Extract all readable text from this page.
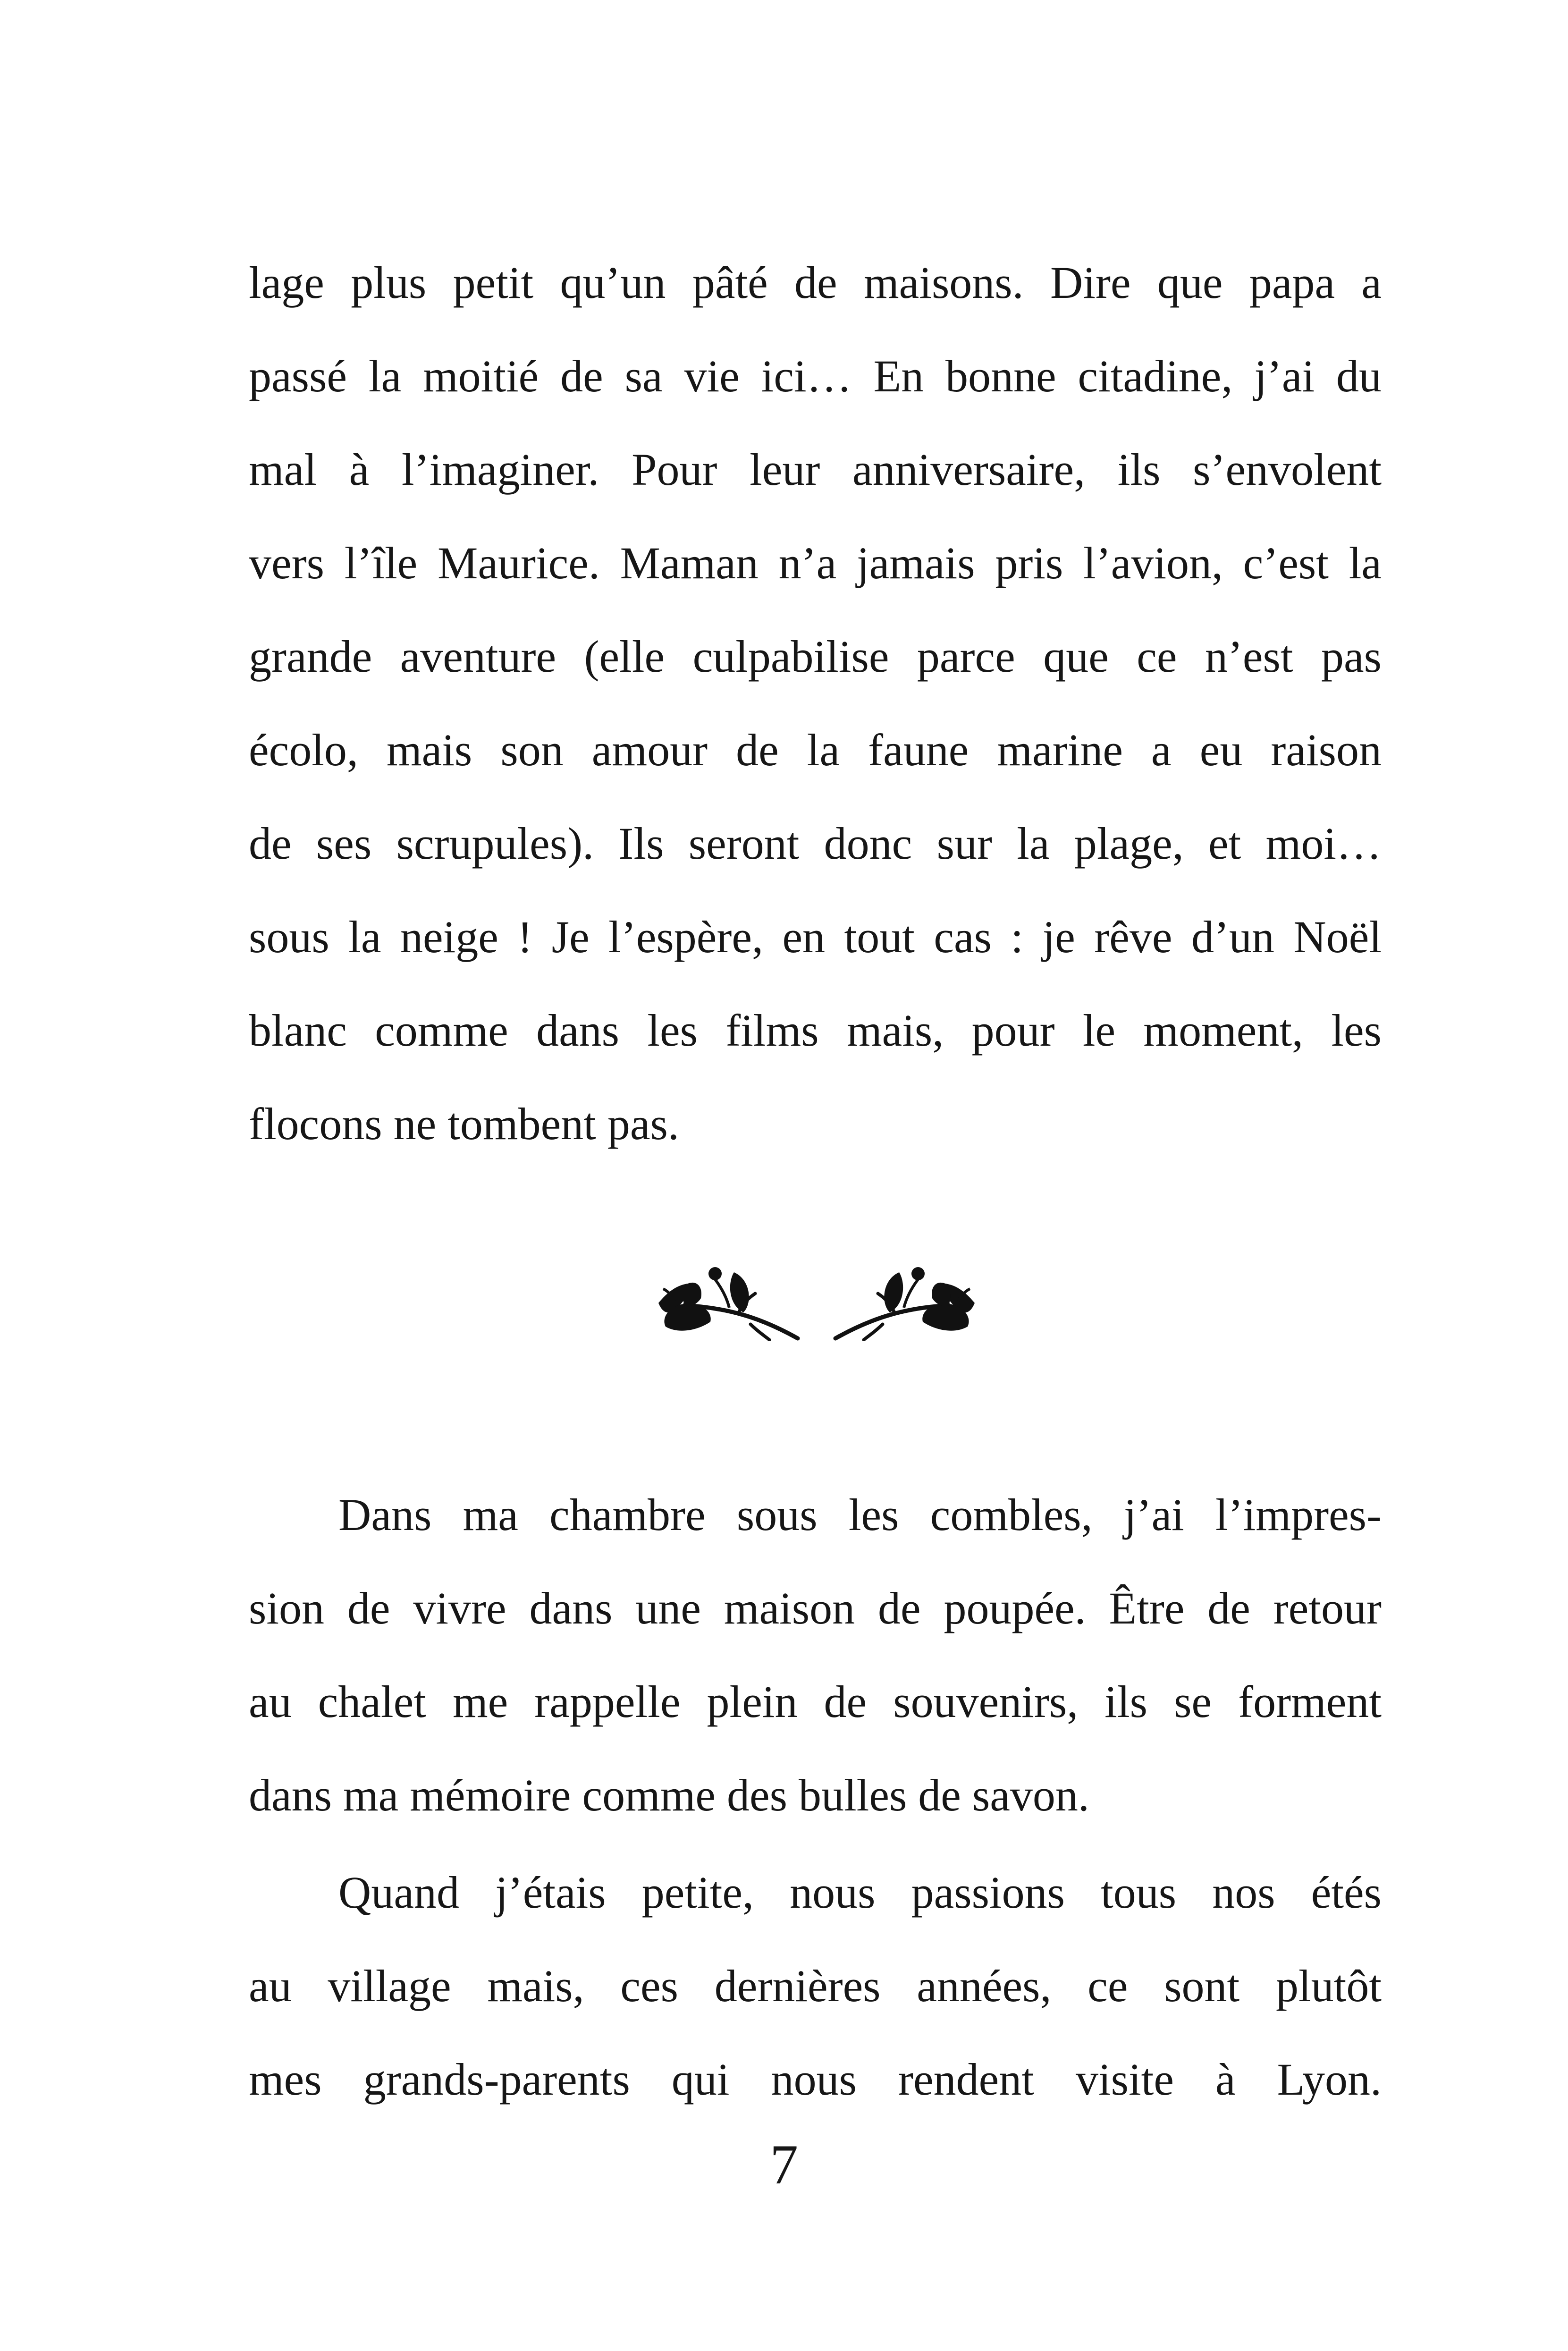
lage plus petit qu’un pâté de maisons. Dire que papa a
passé la moitié de sa vie ici… En bonne citadine, j’ai du
mal à l’imaginer. Pour leur anniversaire, ils s’envolent
vers l’île Maurice. Maman n’a jamais pris l’avion, c’est la
grande aventure (elle culpabilise parce que ce n’est pas
écolo, mais son amour de la faune marine a eu raison
de ses scrupules). Ils seront donc sur la plage, et moi…
sous la neige ! Je l’espère, en tout cas : je rêve d’un Noël
blanc comme dans les films mais, pour le moment, les
flocons ne tombent pas.
Dans ma chambre sous les combles, j’ai l’impres-
sion de vivre dans une maison de poupée. Être de retour
au chalet me rappelle plein de souvenirs, ils se forment
dans ma mémoire comme des bulles de savon.
Quand j’étais petite, nous passions tous nos étés
au village mais, ces dernières années, ce sont plutôt
mes grands-parents qui nous rendent visite à Lyon.
7
